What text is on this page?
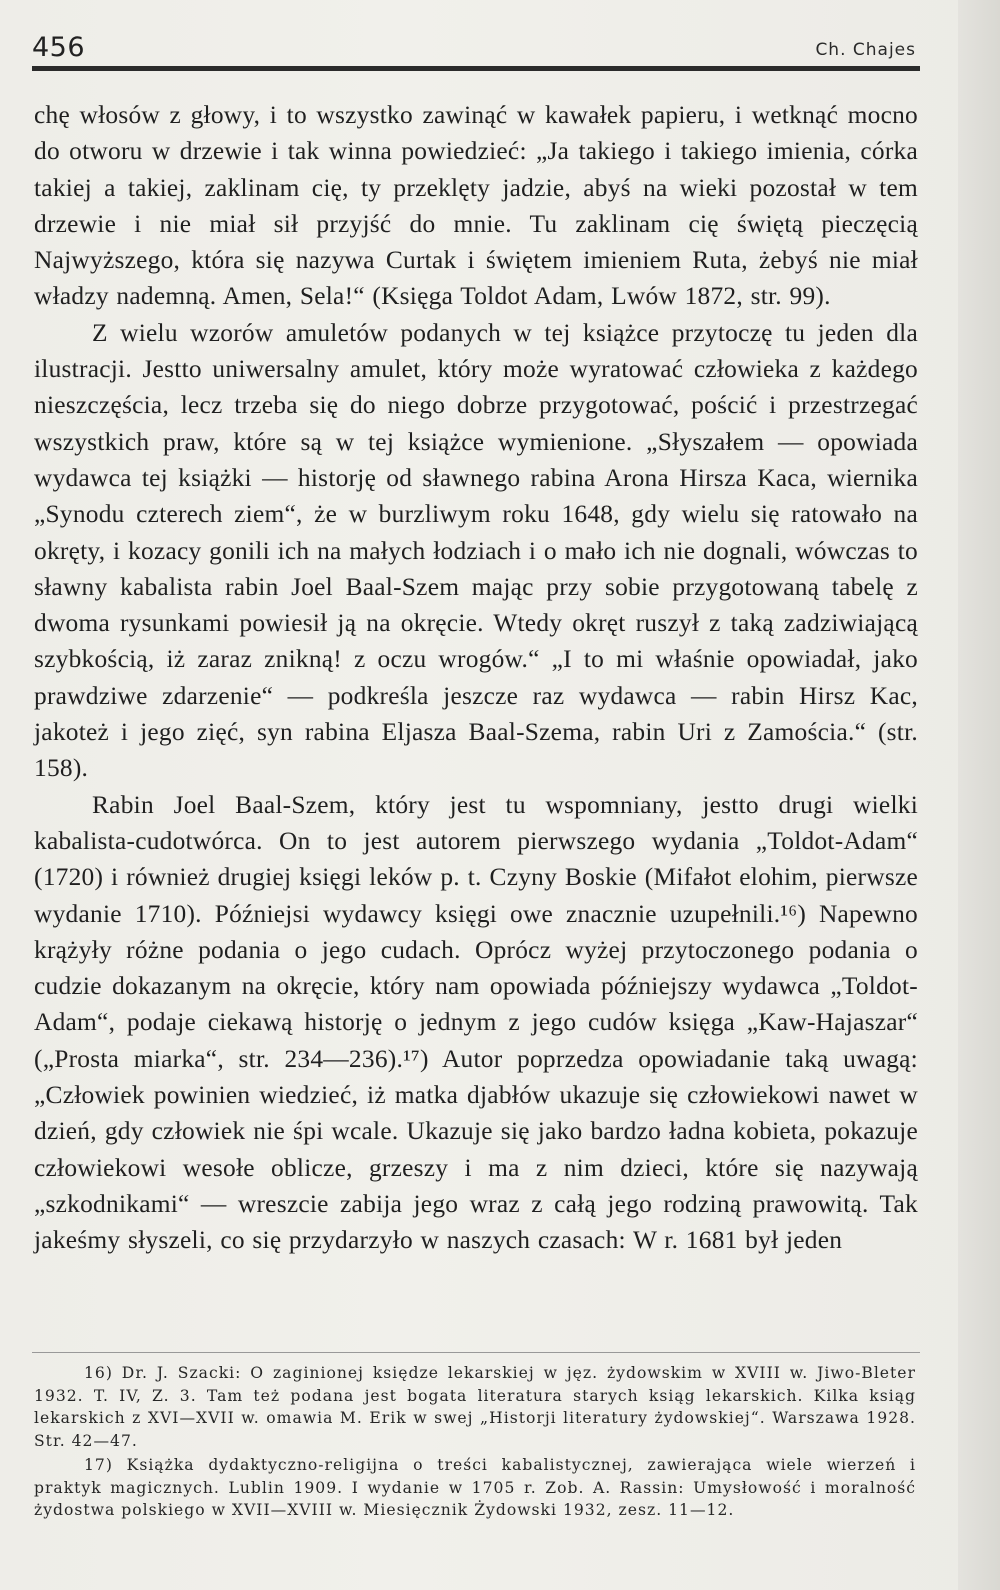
456	Ch. Chajes

chę włosów z głowy, i to wszystko zawinąć w kawałek papieru, i wetknąć mocno do otworu w drzewie i tak winna powiedzieć: „Ja takiego i takiego imienia, córka takiej a takiej, zaklinam cię, ty przeklęty jadzie, abyś na wieki pozostał w tem drzewie i nie miał sił przyjść do mnie. Tu zaklinam cię świętą pieczęcią Najwyższego, która się nazywa Curtak i świętem imieniem Ruta, żebyś nie miał władzy nademną. Amen, Sela!“ (Księga Toldot Adam, Lwów 1872, str. 99).

Z wielu wzorów amuletów podanych w tej książce przytoczę tu jeden dla ilustracji. Jestto uniwersalny amulet, który może wyratować człowieka z każdego nieszczęścia, lecz trzeba się do niego dobrze przygotować, pościć i przestrzegać wszystkich praw, które są w tej książce wymienione. „Słyszałem — opowiada wydawca tej książki — historję od sławnego rabina Arona Hirsza Kaca, wiernika „Synodu czterech ziem“, że w burzliwym roku 1648, gdy wielu się ratowało na okręty, i kozacy gonili ich na małych łodziach i o mało ich nie dognali, wówczas to sławny kabalista rabin Joel Baal-Szem mając przy sobie przygotowaną tabelę z dwoma rysunkami powiesił ją na okręcie. Wtedy okręt ruszył z taką zadziwiającą szybkością, iż zaraz znikną! z oczu wrogów.“ „I to mi właśnie opowiadał, jako prawdziwe zdarzenie“ — podkreśla jeszcze raz wydawca — rabin Hirsz Kac, jakoteż i jego zięć, syn rabina Eljasza Baal-Szema, rabin Uri z Zamościa.“ (str. 158).

Rabin Joel Baal-Szem, który jest tu wspomniany, jestto drugi wielki kabalista-cudotwórca. On to jest autorem pierwszego wydania „Toldot-Adam“ (1720) i również drugiej księgi leków p. t. Czyny Boskie (Mifałot elohim, pierwsze wydanie 1710). Późniejsi wydawcy księgi owe znacznie uzupełnili.¹⁶) Napewno krążyły różne podania o jego cudach. Oprócz wyżej przytoczonego podania o cudzie dokazanym na okręcie, który nam opowiada późniejszy wydawca „Toldot-Adam“, podaje ciekawą historję o jednym z jego cudów księga „Kaw-Hajaszar“ („Prosta miarka“, str. 234—236).¹⁷) Autor poprzedza opowiadanie taką uwagą: „Człowiek powinien wiedzieć, iż matka djabłów ukazuje się człowiekowi nawet w dzień, gdy człowiek nie śpi wcale. Ukazuje się jako bardzo ładna kobieta, pokazuje człowiekowi wesołe oblicze, grzeszy i ma z nim dzieci, które się nazywają „szkodnikami“ — wreszcie zabija jego wraz z całą jego rodziną prawowitą. Tak jakeśmy słyszeli, co się przydarzyło w naszych czasach: W r. 1681 był jeden

16) Dr. J. Szacki: O zaginionej księdze lekarskiej w jęz. żydowskim w XVIII w. Jiwo-Bleter 1932. T. IV, Z. 3. Tam też podana jest bogata literatura starych ksiąg lekarskich. Kilka ksiąg lekarskich z XVI—XVII w. omawia M. Erik w swej „Historji literatury żydowskiej“. Warszawa 1928. Str. 42—47.

17) Książka dydaktyczno-religijna o treści kabalistycznej, zawierająca wiele wierzeń i praktyk magicznych. Lublin 1909. I wydanie w 1705 r. Zob. A. Rassin: Umysłowość i moralność żydostwa polskiego w XVII—XVIII w. Miesięcznik Żydowski 1932, zesz. 11—12.
